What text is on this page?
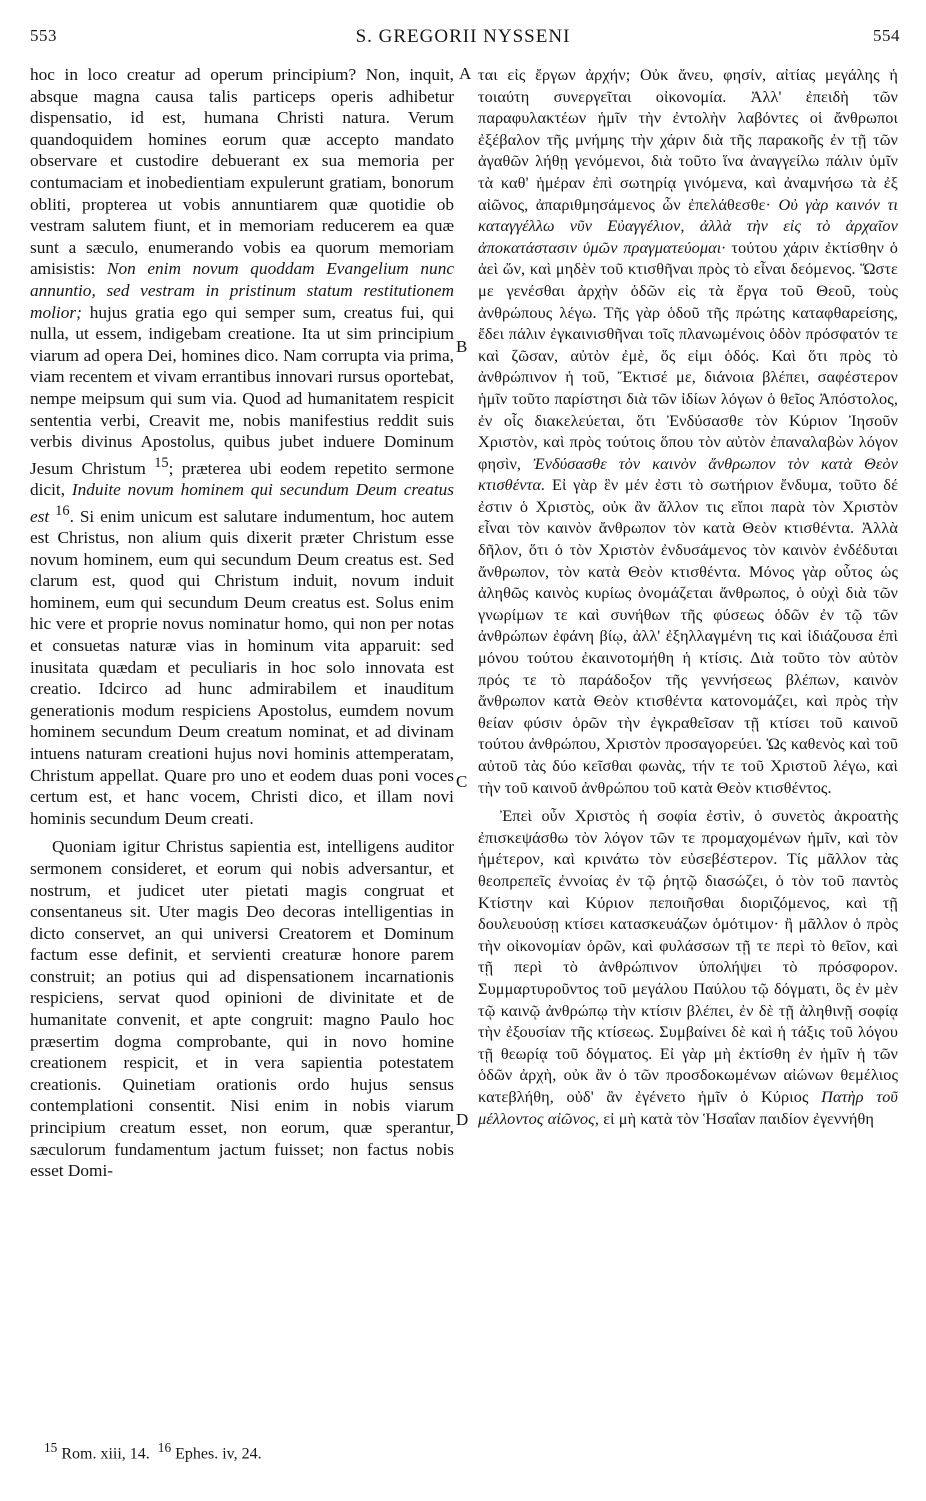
553	S. GREGORII NYSSENI	554
A
B
C
D

hoc in loco creatur ad operum principium? Non, inquit, absque magna causa talis particeps operis adhibetur dispensatio, id est, humana Christi natura. Verum quandoquidem homines eorum quæ accepto mandato observare et custodire debuerant ex sua memoria per contumaciam et inobedientiam expulerunt gratiam, bonorum obliti, propterea ut vobis annuntiarem quæ quotidie ob vestram salutem fiunt, et in memoriam reducerem ea quæ sunt a sæculo, enumerando vobis ea quorum memoriam amisistis: Non enim novum quoddam Evangelium nunc annuntio, sed vestram in pristinum statum restitutionem molior; hujus gratia ego qui semper sum, creatus fui, qui nulla, ut essem, indigebam creatione. Ita ut sim principium viarum ad opera Dei, homines dico. Nam corrupta via prima, viam recentem et vivam errantibus innovari rursus oportebat, nempe meipsum qui sum via. Quod ad humanitatem respicit sententia verbi, Creavit me, nobis manifestius reddit suis verbis divinus Apostolus, quibus jubet induere Dominum Jesum Christum $^{15}$; præterea ubi eodem repetito sermone dicit, Induite novum hominem qui secundum Deum creatus est $^{16}$. Si enim unicum est salutare indumentum, hoc autem est Christus, non alium quis dixerit præter Christum esse novum hominem, eum qui secundum Deum creatus est. Sed clarum est, quod qui Christum induit, novum induit hominem, eum qui secundum Deum creatus est. Solus enim hic vere et proprie novus nominatur homo, qui non per notas et consuetas naturæ vias in hominum vita apparuit: sed inusitata quædam et peculiaris in hoc solo innovata est creatio. Idcirco ad hunc admirabilem et inauditum generationis modum respiciens Apostolus, eumdem novum hominem secundum Deum creatum nominat, et ad divinam intuens naturam creationi hujus novi hominis attemperatam, Christum appellat. Quare pro uno et eodem duas poni voces certum est, et hanc vocem, Christi dico, et illam novi hominis secundum Deum creati.

Quoniam igitur Christus sapientia est, intelligens auditor sermonem consideret, et eorum qui nobis adversantur, et nostrum, et judicet uter pietati magis congruat et consentaneus sit. Uter magis Deo decoras intelligentias in dicto conservet, an qui universi Creatorem et Dominum factum esse definit, et servienti creaturæ honore parem construit; an potius qui ad dispensationem incarnationis respiciens, servat quod opinioni de divinitate et de humanitate convenit, et apte congruit: magno Paulo hoc præsertim dogma comprobante, qui in novo homine creationem respicit, et in vera sapientia potestatem creationis. Quinetiam orationis ordo hujus sensus contemplationi consentit. Nisi enim in nobis viarum principium creatum esset, non eorum, quæ sperantur, sæculorum fundamentum jactum fuisset; non factus nobis esset Domi-

ται εἰς ἔργων ἀρχήν; Οὐκ ἄνευ, φησίν, αἰτίας μεγάλης ἡ τοιαύτη συνεργεῖται οἰκονομία. Ἀλλ' ἐπειδὴ τῶν παραφυλακτέων ἡμῖν τὴν ἐντολὴν λαβόντες οἱ ἄνθρωποι ἐξέβαλον τῆς μνήμης τὴν χάριν διὰ τῆς παρακοῆς ἐν τῇ τῶν ἀγαθῶν λήθῃ γενόμενοι, διὰ τοῦτο ἵνα ἀναγγείλω πάλιν ὑμῖν τὰ καθ' ἡμέραν ἐπὶ σωτηρίᾳ γινόμενα, καὶ ἀναμνήσω τὰ ἐξ αἰῶνος, ἀπαριθμησάμενος ὧν ἐπελάθεσθε· Οὐ γὰρ καινόν τι καταγγέλλω νῦν Εὐαγγέλιον, ἀλλὰ τὴν εἰς τὸ ἀρχαῖον ἀποκατάστασιν ὑμῶν πραγματεύομαι· τούτου χάριν ἐκτίσθην ὁ ἀεὶ ὤν, καὶ μηδὲν τοῦ κτισθῆναι πρὸς τὸ εἶναι δεόμενος. Ὥστε με γενέσθαι ἀρχὴν ὁδῶν εἰς τὰ ἔργα τοῦ Θεοῦ, τοὺς ἀνθρώπους λέγω. Τῆς γὰρ ὁδοῦ τῆς πρώτης καταφθαρείσης, ἔδει πάλιν ἐγκαινισθῆναι τοῖς πλανωμένοις ὁδὸν πρόσφατόν τε καὶ ζῶσαν, αὐτὸν ἐμὲ, ὅς εἰμι ὁδός. Καὶ ὅτι πρὸς τὸ ἀνθρώπινον ἡ τοῦ, Ἔκτισέ με, διάνοια βλέπει, σαφέστερον ἡμῖν τοῦτο παρίστησι διὰ τῶν ἰδίων λόγων ὁ θεῖος Ἀπόστολος, ἐν οἷς διακελεύεται, ὅτι Ἐνδύσασθε τὸν Κύριον Ἰησοῦν Χριστὸν, καὶ πρὸς τούτοις ὅπου τὸν αὐτὸν ἐπαναλαβὼν λόγον φησὶν, Ἐνδύσασθε τὸν καινὸν ἄνθρωπον τὸν κατὰ Θεὸν κτισθέντα. Εἰ γὰρ ἓν μέν ἐστι τὸ σωτήριον ἔνδυμα, τοῦτο δέ ἐστιν ὁ Χριστὸς, οὐκ ἂν ἄλλον τις εἴποι παρὰ τὸν Χριστὸν εἶναι τὸν καινὸν ἄνθρωπον τὸν κατὰ Θεὸν κτισθέντα. Ἀλλὰ δῆλον, ὅτι ὁ τὸν Χριστὸν ἐνδυσάμενος τὸν καινὸν ἐνδέδυται ἄνθρωπον, τὸν κατὰ Θεὸν κτισθέντα. Μόνος γὰρ οὗτος ὡς ἀληθῶς καινὸς κυρίως ὀνομάζεται ἄνθρωπος, ὁ οὐχὶ διὰ τῶν γνωρίμων τε καὶ συνήθων τῆς φύσεως ὁδῶν ἐν τῷ τῶν ἀνθρώπων ἐφάνη βίῳ, ἀλλ' ἐξηλλαγμένη τις καὶ ἰδιάζουσα ἐπὶ μόνου τούτου ἐκαινοτομήθη ἡ κτίσις. Διὰ τοῦτο τὸν αὐτὸν πρός τε τὸ παράδοξον τῆς γεννήσεως βλέπων, καινὸν ἄνθρωπον κατὰ Θεὸν κτισθέντα κατονομάζει, καὶ πρὸς τὴν θείαν φύσιν ὁρῶν τὴν ἐγκραθεῖσαν τῇ κτίσει τοῦ καινοῦ τούτου ἀνθρώπου, Χριστὸν προσαγορεύει. Ὡς καθενὸς καὶ τοῦ αὐτοῦ τὰς δύο κεῖσθαι φωνὰς, τήν τε τοῦ Χριστοῦ λέγω, καὶ τὴν τοῦ καινοῦ ἀνθρώπου τοῦ κατὰ Θεὸν κτισθέντος.

Ἐπεὶ οὖν Χριστὸς ἡ σοφία ἐστὶν, ὁ συνετὸς ἀκροατὴς ἐπισκεψάσθω τὸν λόγον τῶν τε προμαχομένων ἡμῖν, καὶ τὸν ἡμέτερον, καὶ κρινάτω τὸν εὐσεβέστερον. Τίς μᾶλλον τὰς θεοπρεπεῖς ἐννοίας ἐν τῷ ῥητῷ διασώζει, ὁ τὸν τοῦ παντὸς Κτίστην καὶ Κύριον πεποιῆσθαι διοριζόμενος, καὶ τῇ δουλευούσῃ κτίσει κατασκευάζων ὁμότιμον· ἢ μᾶλλον ὁ πρὸς τὴν οἰκονομίαν ὁρῶν, καὶ φυλάσσων τῇ τε περὶ τὸ θεῖον, καὶ τῇ περὶ τὸ ἀνθρώπινον ὑπολήψει τὸ πρόσφορον. Συμμαρτυροῦντος τοῦ μεγάλου Παύλου τῷ δόγματι, ὃς ἐν μὲν τῷ καινῷ ἀνθρώπῳ τὴν κτίσιν βλέπει, ἐν δὲ τῇ ἀληθινῇ σοφίᾳ τὴν ἐξουσίαν τῆς κτίσεως. Συμβαίνει δὲ καὶ ἡ τάξις τοῦ λόγου τῇ θεωρίᾳ τοῦ δόγματος. Εἰ γὰρ μὴ ἐκτίσθη ἐν ἡμῖν ἡ τῶν ὁδῶν ἀρχὴ, οὐκ ἂν ὁ τῶν προσδοκωμένων αἰώνων θεμέλιος κατεβλήθη, οὐδ' ἂν ἐγένετο ἡμῖν ὁ Κύριος Πατὴρ τοῦ μέλλοντος αἰῶνος, εἰ μὴ κατὰ τὸν Ἡσαΐαν παιδίον ἐγεννήθη

$^{15}$ Rom. xiii, 14. $^{16}$ Ephes. iv, 24.
